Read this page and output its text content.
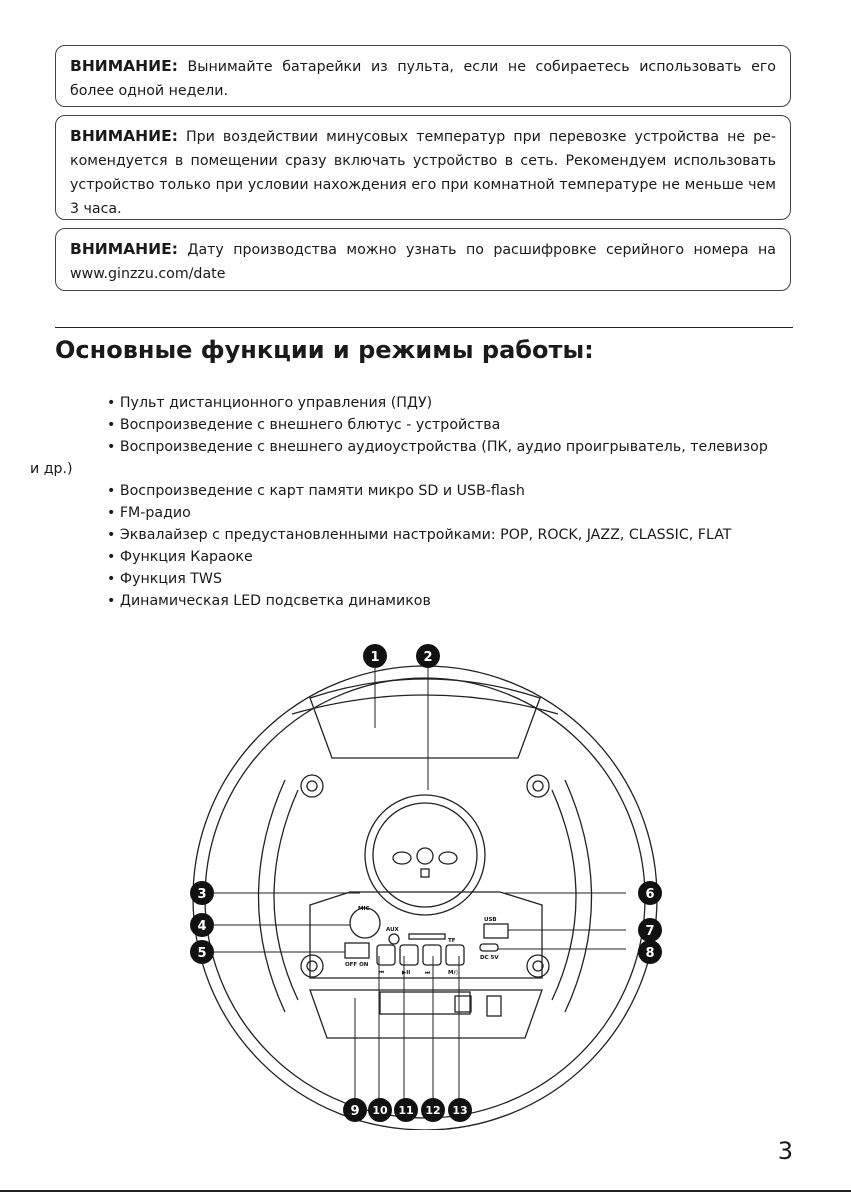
ВНИМАНИЕ: Вынимайте батарейки из пульта, если не собираетесь использовать его более одной недели.
ВНИМАНИЕ: При воздействии минусовых температур при перевозке устройства не ре-комендуется в помещении сразу включать устройство в сеть. Рекомендуем использовать устройство только при условии нахождения его при комнатной температуре не меньше чем 3 часа.
ВНИМАНИЕ: Дату производства можно узнать по расшифровке серийного номера на www.ginzzu.com/date
Основные функции и режимы работы:
• Пульт дистанционного управления (ПДУ)
• Воспроизведение с внешнего блютус - устройства
• Воспроизведение с внешнего аудиоустройства (ПК, аудио проигрыватель, телевизор
и др.)
• Воспроизведение с карт памяти микро SD и USB-flash
• FM-радио
• Эквалайзер с предустановленными настройками: POP, ROCK, JAZZ, CLASSIC, FLAT
• Функция Караоке
• Функция TWS
• Динамическая LED подсветка динамиков
MIC
AUX
TF
USB
DC 5V
OFF ON
⏮	▶II	⏭	M/◊
1	2
3
4
5
6
7
8
9 10 11 12 13
3
